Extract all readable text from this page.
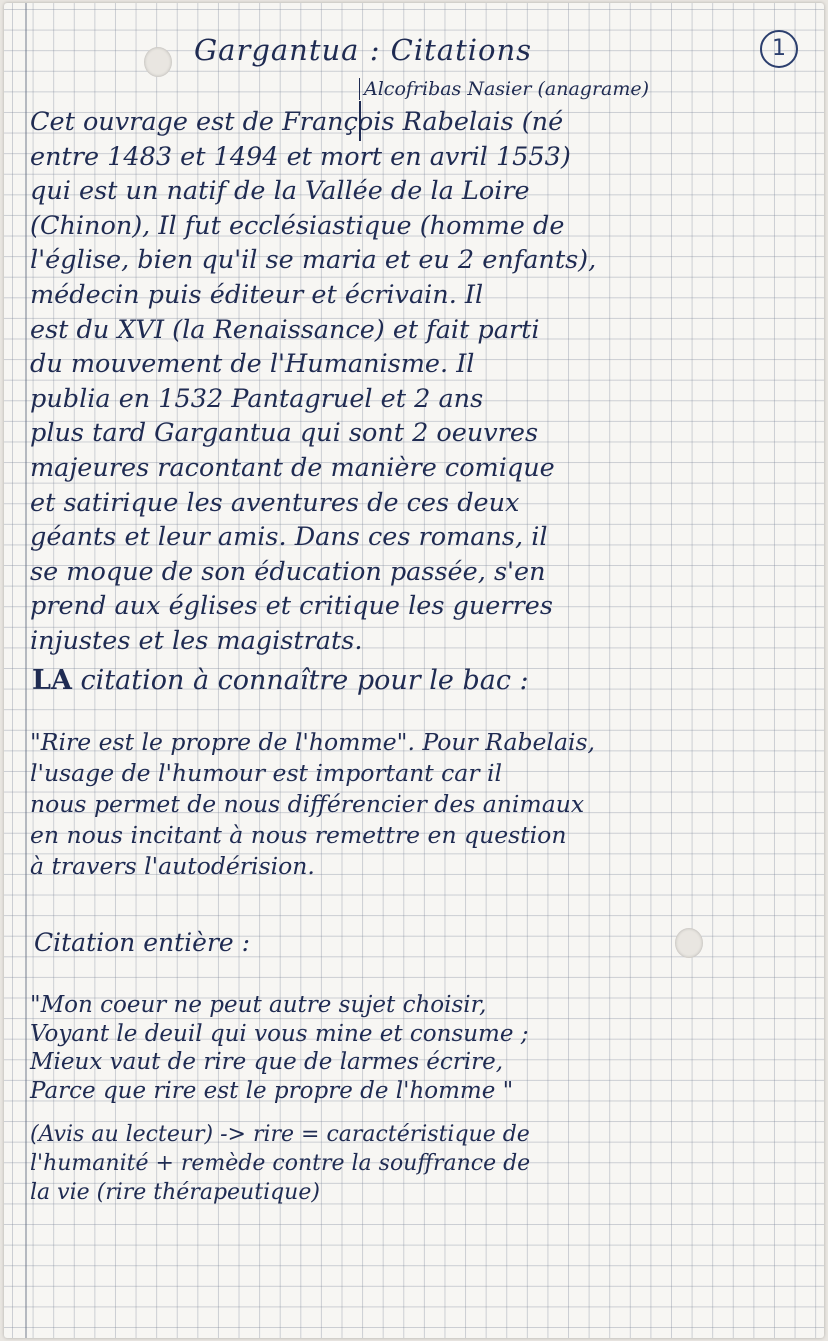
1
Gargantua : Citations
Alcofribas Nasier (anagrame)

Cet ouvrage est de François Rabelais (né

entre 1483 et 1494 et mort en avril 1553)

qui est un natif de la Vallée de la Loire

(Chinon), Il fut ecclésiastique (homme de

l'église, bien qu'il se maria et eu 2 enfants),

médecin puis éditeur et écrivain. Il

est du XVI (la Renaissance) et fait parti

du mouvement de l'Humanisme. Il

publia en 1532 Pantagruel et 2 ans

plus tard Gargantua qui sont 2 oeuvres

majeures racontant de manière comique

et satirique les aventures de ces deux

géants et leur amis. Dans ces romans, il

se moque de son éducation passée, s'en

prend aux églises et critique les guerres

injustes et les magistrats.

LA citation à connaître pour le bac :
"Rire est le propre de l'homme". Pour Rabelais,
l'usage de l'humour est important car il
nous permet de nous différencier des animaux
en nous incitant à nous remettre en question
à travers l'autodérision.
Citation entière :
"Mon coeur ne peut autre sujet choisir,
Voyant le deuil qui vous mine et consume ;
Mieux vaut de rire que de larmes écrire,
Parce que rire est le propre de l'homme "
(Avis au lecteur) -> rire = caractéristique de
l'humanité + remède contre la souffrance de
la vie (rire thérapeutique)
